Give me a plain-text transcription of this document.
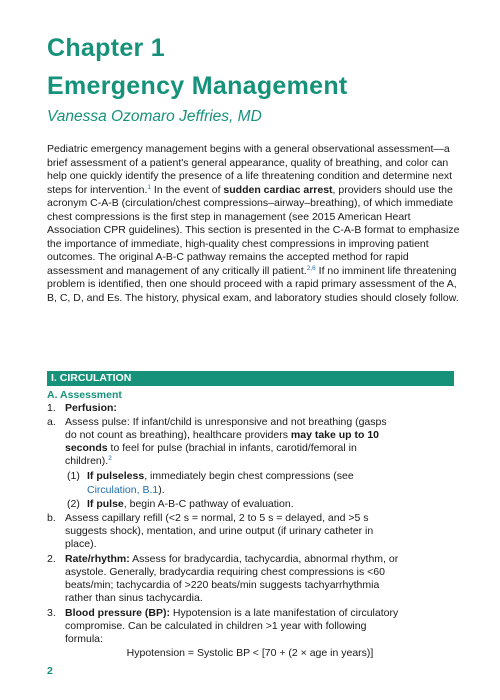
Chapter 1
Emergency Management
Vanessa Ozomaro Jeffries, MD

Pediatric emergency management begins with a general observational assessment—a brief assessment of a patient's general appearance, quality of breathing, and color can help one quickly identify the presence of a life threatening condition and determine next steps for intervention.$^1$ In the event of sudden cardiac arrest, providers should use the acronym C-A-B (circulation/chest compressions–airway–breathing), of which immediate chest compressions is the first step in management (see 2015 American Heart Association CPR guidelines). This section is presented in the C-A-B format to emphasize the importance of immediate, high-quality chest compressions in improving patient outcomes. The original A-B-C pathway remains the accepted method for rapid assessment and management of any critically ill patient.$^{2,6}$ If no imminent life threatening problem is identified, then one should proceed with a rapid primary assessment of the A, B, C, D, and Es. The history, physical exam, and laboratory studies should closely follow.

I. CIRCULATION
A. Assessment
1. Perfusion:
a. Assess pulse: If infant/child is unresponsive and not breathing (gasps
do not count as breathing), healthcare providers may take up to 10
seconds to feel for pulse (brachial in infants, carotid/femoral in
children).$^2$
(1) If pulseless, immediately begin chest compressions (see
Circulation, B.1).
(2) If pulse, begin A-B-C pathway of evaluation.
b. Assess capillary refill (<2 s = normal, 2 to 5 s = delayed, and >5 s
suggests shock), mentation, and urine output (if urinary catheter in
place).
2. Rate/rhythm: Assess for bradycardia, tachycardia, abnormal rhythm, or
asystole. Generally, bradycardia requiring chest compressions is <60
beats/min; tachycardia of >220 beats/min suggests tachyarrhythmia
rather than sinus tachycardia.
3. Blood pressure (BP): Hypotension is a late manifestation of circulatory
compromise. Can be calculated in children >1 year with following
formula:
Hypotension = Systolic BP < [70 + (2 × age in years)]
2
